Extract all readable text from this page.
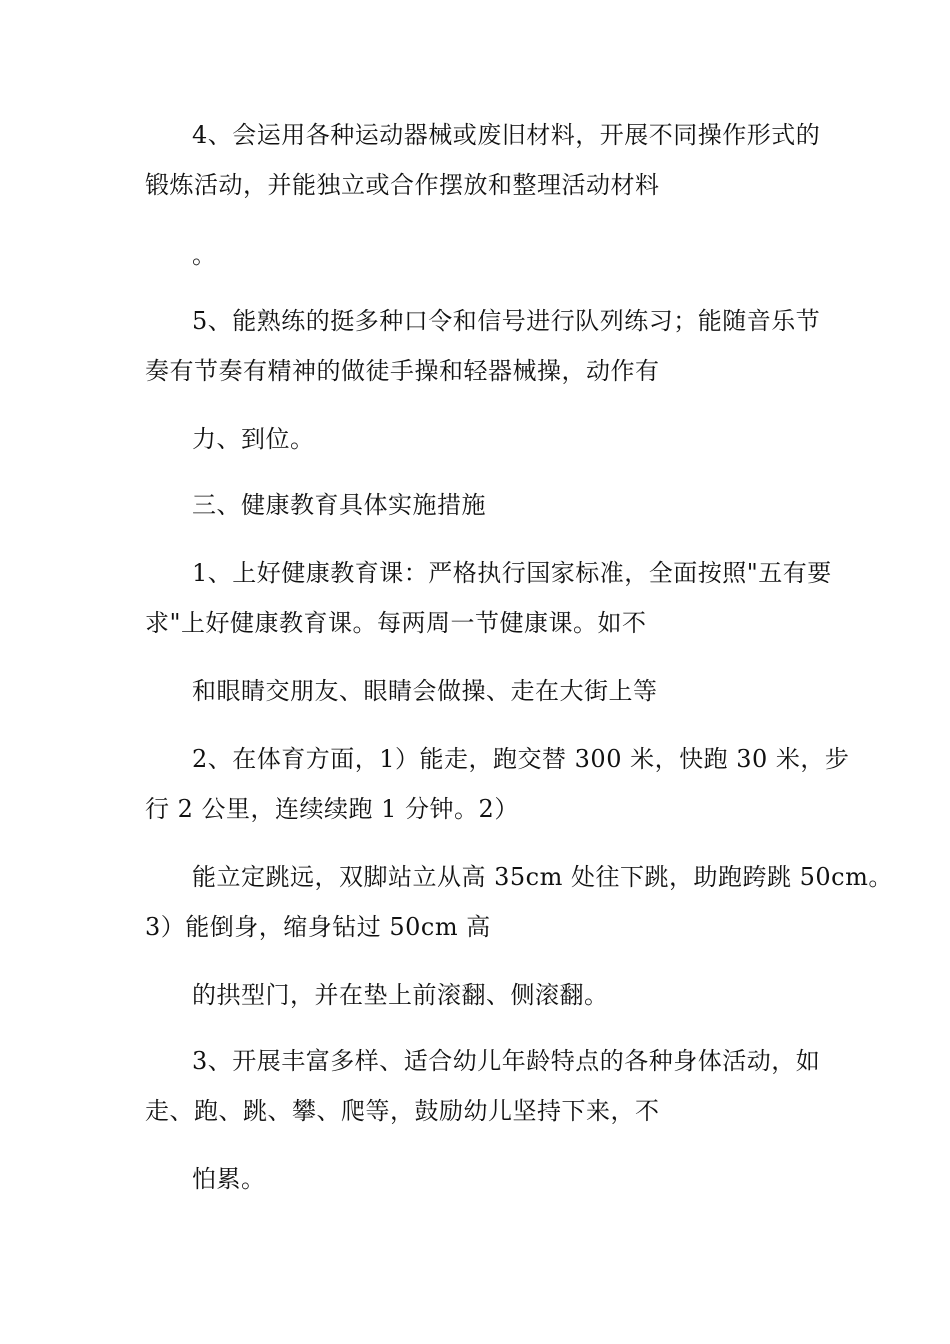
4、会运用各种运动器械或废旧材料，开展不同操作形式的
锻炼活动，并能独立或合作摆放和整理活动材料
。
5、能熟练的挺多种口令和信号进行队列练习；能随音乐节
奏有节奏有精神的做徒手操和轻器械操，动作有
力、到位。
三、健康教育具体实施措施
1、上好健康教育课：严格执行国家标准，全面按照"五有要
求"上好健康教育课。每两周一节健康课。如不
和眼睛交朋友、眼睛会做操、走在大街上等
2、在体育方面，1）能走，跑交替 300 米，快跑 30 米，步
行 2 公里，连续续跑 1 分钟。2）
能立定跳远，双脚站立从高 35cm 处往下跳，助跑跨跳 50cm。
3）能倒身，缩身钻过 50cm 高
的拱型门，并在垫上前滚翻、侧滚翻。
3、开展丰富多样、适合幼儿年龄特点的各种身体活动，如
走、跑、跳、攀、爬等，鼓励幼儿坚持下来，不
怕累。
